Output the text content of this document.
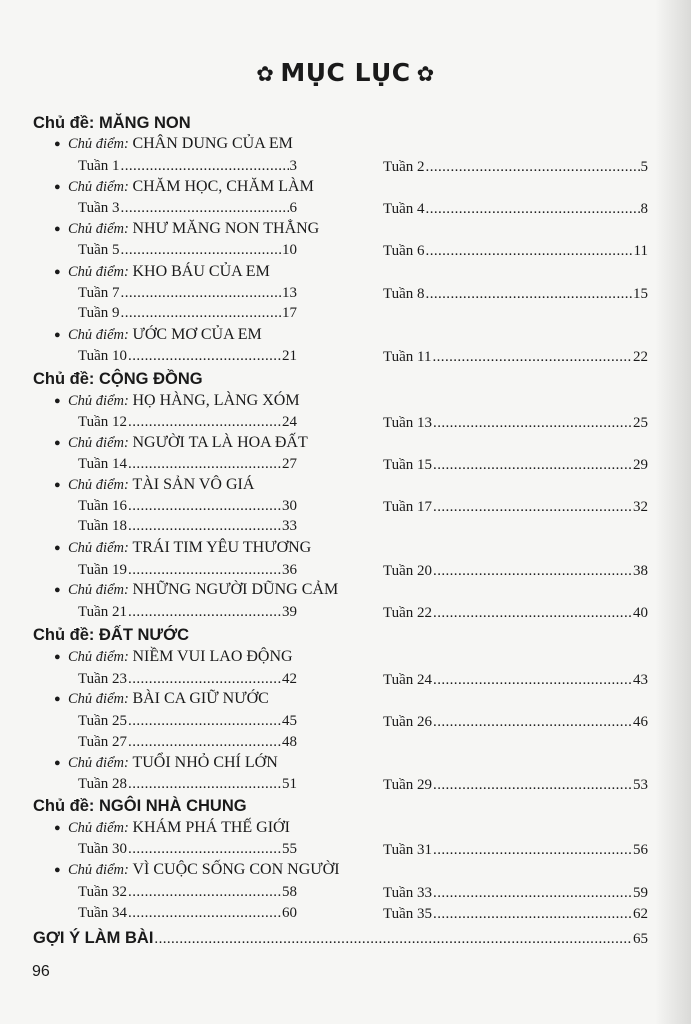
✿ MỤC LỤC ✿
Chủ đề: MĂNG NON
● Chủ điểm: CHÂN DUNG CỦA EM
Tuần 1 .....	3	Tuần 2 .....	5
● Chủ điểm: CHĂM HỌC, CHĂM LÀM
Tuần 3 .....	6	Tuần 4 .....	8
● Chủ điểm: NHƯ MĂNG NON THẲNG
Tuần 5 .....	10	Tuần 6 .....	11
● Chủ điểm: KHO BÁU CỦA EM
Tuần 7 .....	13	Tuần 8 .....	15
Tuần 9 .....	17
● Chủ điểm: ƯỚC MƠ CỦA EM
Tuần 10 .....	21	Tuần 11 .....	22
Chủ đề: CỘNG ĐỒNG
● Chủ điểm: HỌ HÀNG, LÀNG XÓM
Tuần 12 .....	24	Tuần 13 .....	25
● Chủ điểm: NGƯỜI TA LÀ HOA ĐẤT
Tuần 14 .....	27	Tuần 15 .....	29
● Chủ điểm: TÀI SẢN VÔ GIÁ
Tuần 16 .....	30	Tuần 17 .....	32
Tuần 18 .....	33
● Chủ điểm: TRÁI TIM YÊU THƯƠNG
Tuần 19 .....	36	Tuần 20 .....	38
● Chủ điểm: NHỮNG NGƯỜI DŨNG CẢM
Tuần 21 .....	39	Tuần 22 .....	40
Chủ đề: ĐẤT NƯỚC
● Chủ điểm: NIỀM VUI LAO ĐỘNG
Tuần 23 .....	42	Tuần 24 .....	43
● Chủ điểm: BÀI CA GIỮ NƯỚC
Tuần 25 .....	45	Tuần 26 .....	46
Tuần 27 .....	48
● Chủ điểm: TUỔI NHỎ CHÍ LỚN
Tuần 28 .....	51	Tuần 29 .....	53
Chủ đề: NGÔI NHÀ CHUNG
● Chủ điểm: KHÁM PHÁ THẾ GIỚI
Tuần 30 .....	55	Tuần 31 .....	56
● Chủ điểm: VÌ CUỘC SỐNG CON NGƯỜI
Tuần 32 .....	58	Tuần 33 .....	59
Tuần 34 .....	60	Tuần 35 .....	62
GỢI Ý LÀM BÀI .....	65
96
